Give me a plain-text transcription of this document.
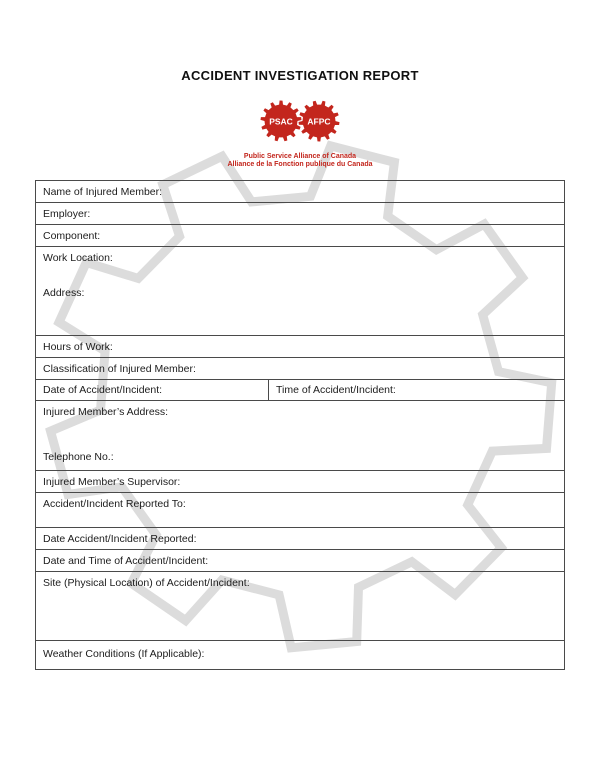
ACCIDENT INVESTIGATION REPORT
PSAC AFPC
Public Service Alliance of Canada
Alliance de la Fonction publique du Canada
Name of Injured Member:
Employer:
Component:
Work Location:
Address:
Hours of Work:
Classification of Injured Member:
Date of Accident/Incident:	Time of Accident/Incident:
Injured Member’s Address:
Telephone No.:
Injured Member’s Supervisor:
Accident/Incident Reported To:
Date Accident/Incident Reported:
Date and Time of Accident/Incident:
Site (Physical Location) of Accident/Incident:
Weather Conditions (If Applicable):
